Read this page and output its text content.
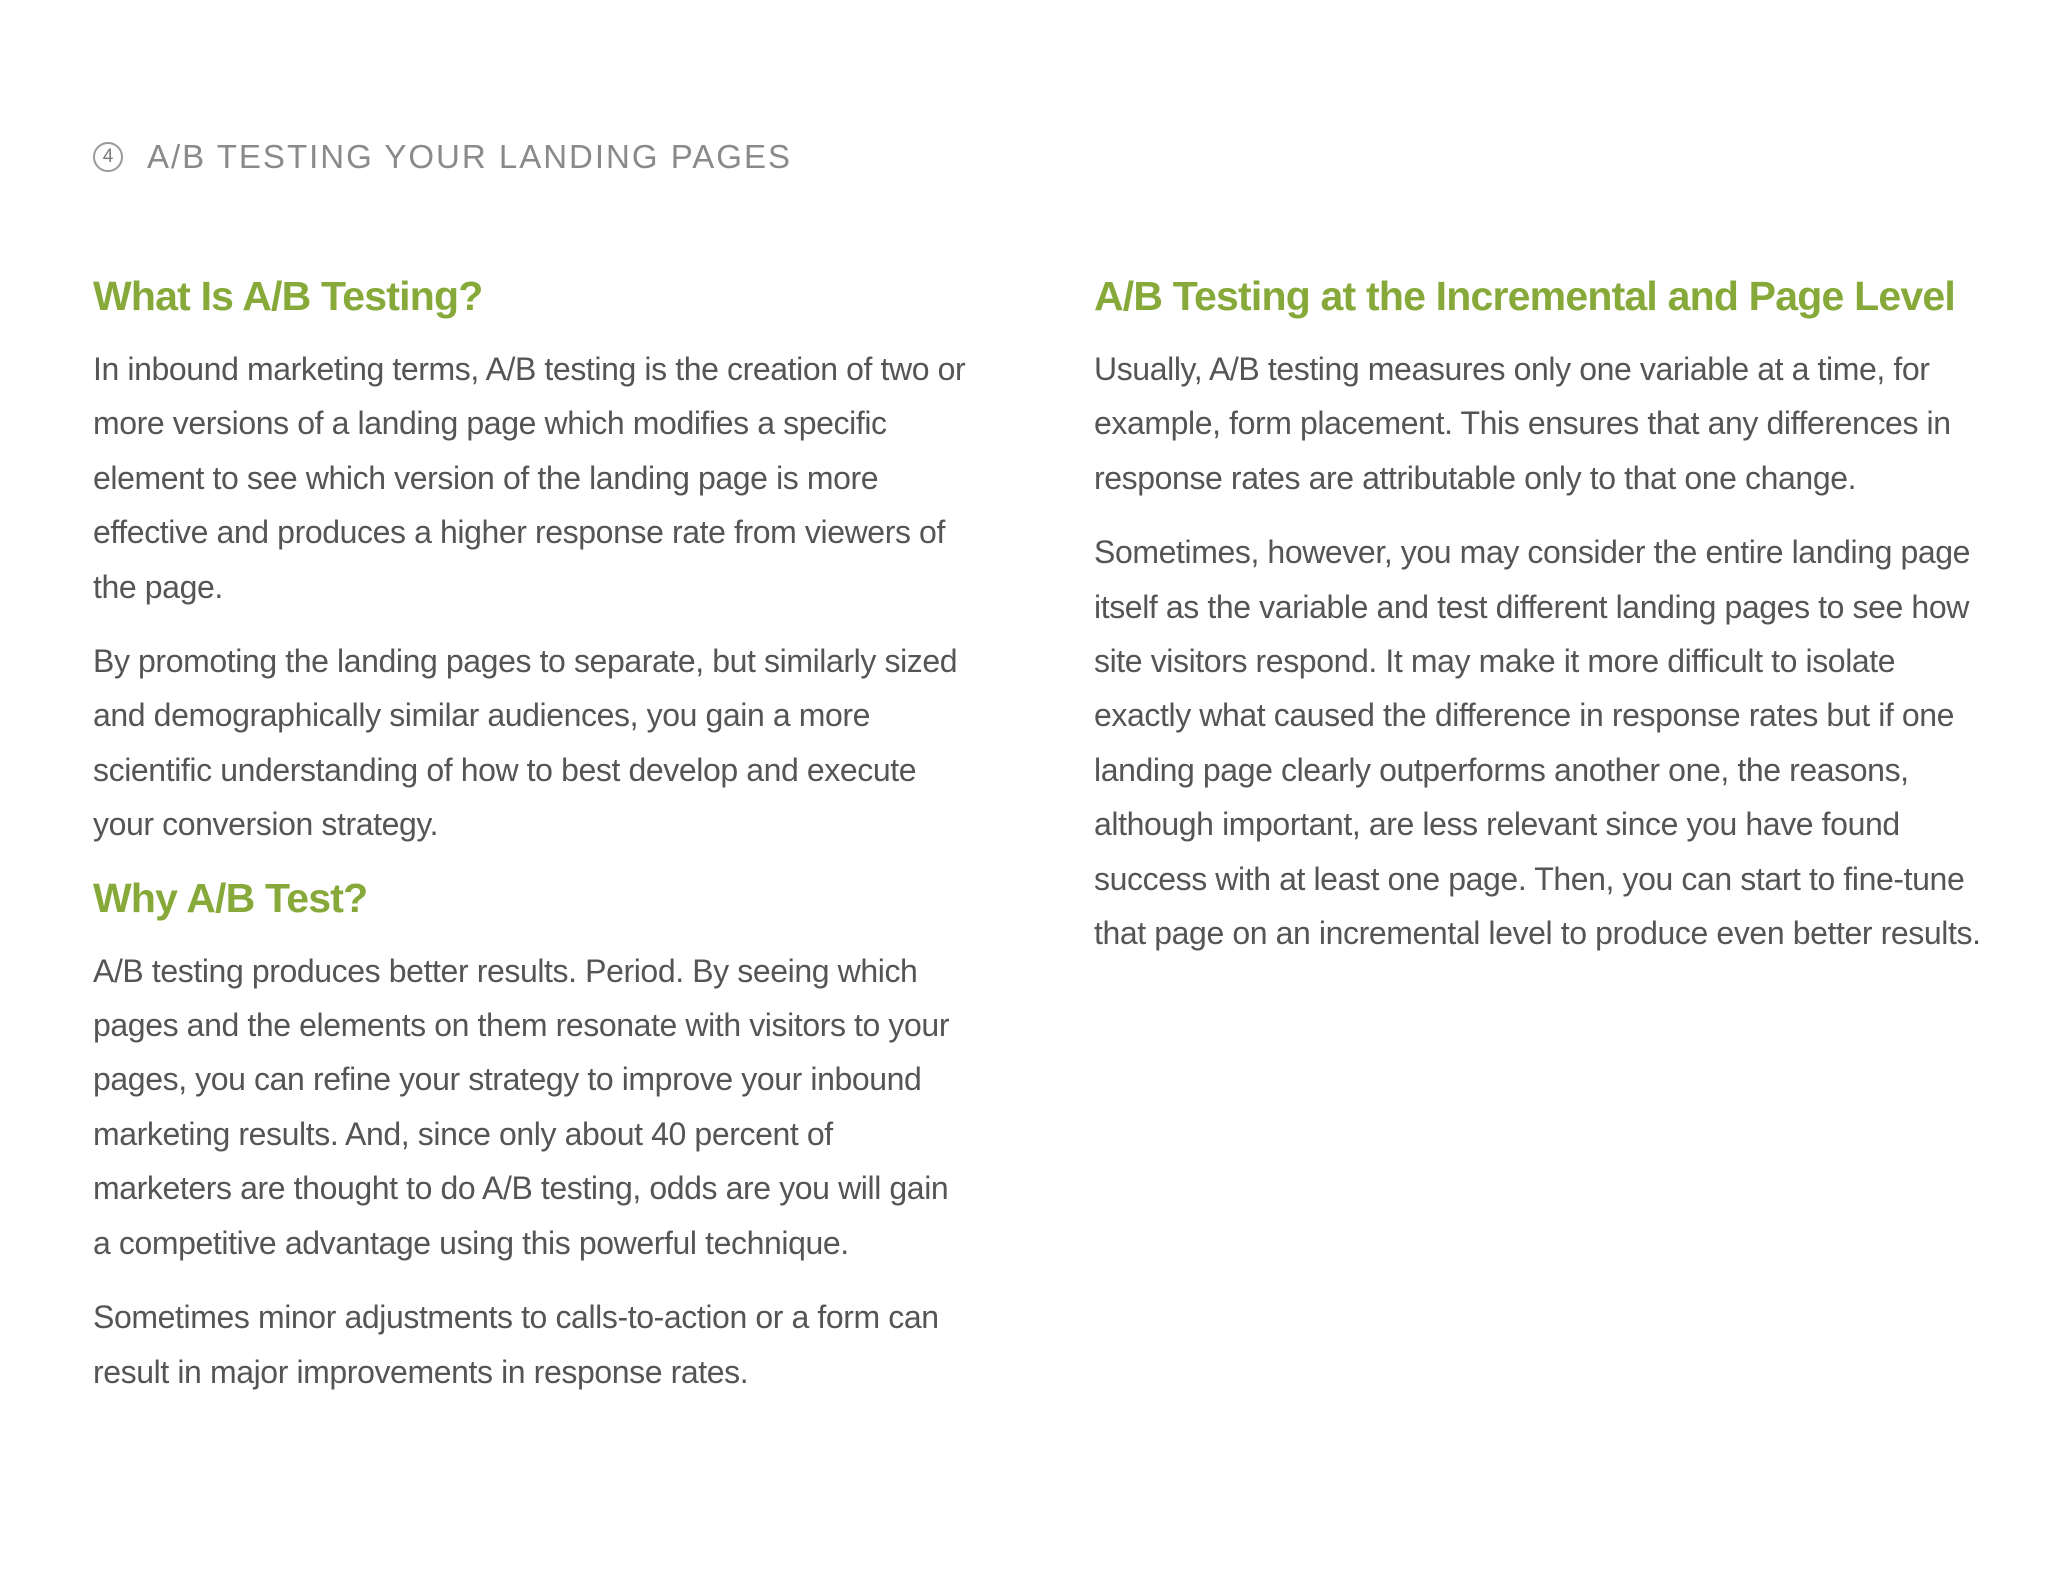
4 A/B TESTING YOUR LANDING PAGES
What Is A/B Testing?

In inbound marketing terms, A/B testing is the creation of two or more versions of a landing page which modifies a specific element to see which version of the landing page is more effective and produces a higher response rate from viewers of the page.

By promoting the landing pages to separate, but similarly sized and demographically similar audiences, you gain a more scientific understanding of how to best develop and execute your conversion strategy.

Why A/B Test?

A/B testing produces better results. Period. By seeing which pages and the elements on them resonate with visitors to your pages, you can refine your strategy to improve your inbound marketing results. And, since only about 40 percent of marketers are thought to do A/B testing, odds are you will gain a competitive advantage using this powerful technique.

Sometimes minor adjustments to calls-to-action or a form can result in major improvements in response rates.

A/B Testing at the Incremental and Page Level

Usually, A/B testing measures only one variable at a time, for example, form placement. This ensures that any differences in response rates are attributable only to that one change.

Sometimes, however, you may consider the entire landing page itself as the variable and test different landing pages to see how site visitors respond. It may make it more difficult to isolate exactly what caused the difference in response rates but if one landing page clearly outperforms another one, the reasons, although important, are less relevant since you have found success with at least one page. Then, you can start to fine-tune that page on an incremental level to produce even better results.
